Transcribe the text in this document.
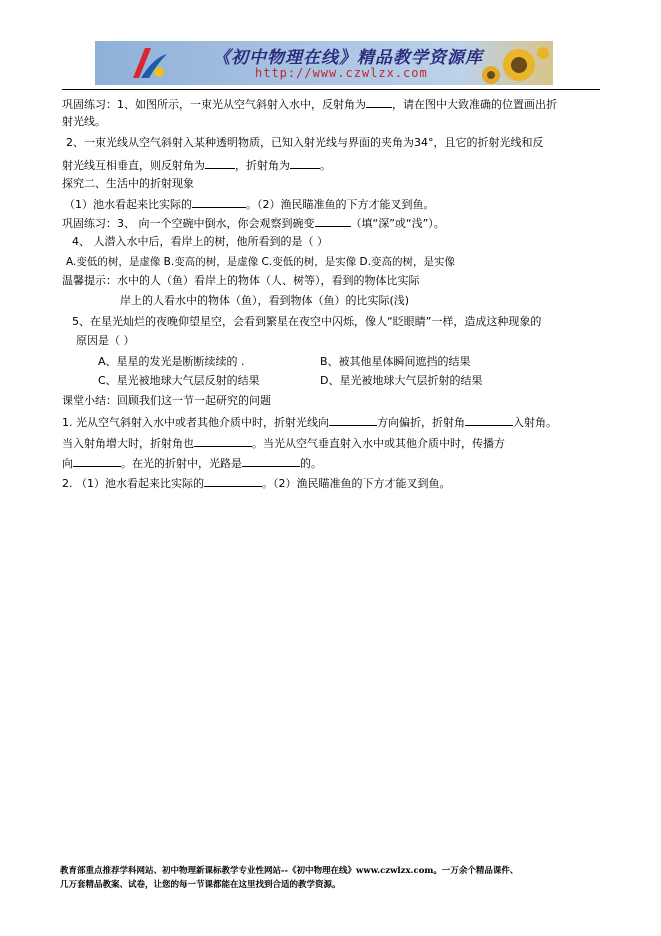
《初中物理在线》精品教学资源库
http://www.czwlzx.com
巩固练习：1、如图所示，一束光从空气斜射入水中，反射角为 ，请在图中大致准确的位置画出折
射光线。
2、一束光线从空气斜射入某种透明物质，已知入射光线与界面的夹角为34°，且它的折射光线和反
射光线互相垂直，则反射角为	，折射角为	。
探究二、生活中的折射现象
（1）池水看起来比实际的	。（2）渔民瞄准鱼的下方才能叉到鱼。
巩固练习：3、 向一个空碗中倒水，你会观察到碗变	（填“深”或“浅”）。
4、 人潜入水中后，看岸上的树，他所看到的是（ ）
A.变低的树，是虚像 B.变高的树，是虚像 C.变低的树，是实像 D.变高的树，是实像
温馨提示：水中的人（鱼）看岸上的物体（人、树等），看到的物体比实际
岸上的人看水中的物体（鱼），看到物体（鱼）的比实际(浅)
5、在星光灿烂的夜晚仰望星空，会看到繁星在夜空中闪烁，像人“眨眼睛”一样，造成这种现象的
原因是（ ）
A、星星的发光是断断续续的 .	B、被其他星体瞬间遮挡的结果
C、星光被地球大气层反射的结果	D、星光被地球大气层折射的结果
课堂小结：回顾我们这一节一起研究的问题
1. 光从空气斜射入水中或者其他介质中时，折射光线向	方向偏折，折射角	入射角。
当入射角增大时，折射角也	。当光从空气垂直射入水中或其他介质中时，传播方
向	。在光的折射中，光路是	的。
2. （1）池水看起来比实际的	。（2）渔民瞄准鱼的下方才能叉到鱼。
教育部重点推荐学科网站、初中物理新课标教学专业性网站--《初中物理在线》www.czwlzx.com。一万余个精品课件、
几万套精品教案、试卷，让您的每一节课都能在这里找到合适的教学资源。
